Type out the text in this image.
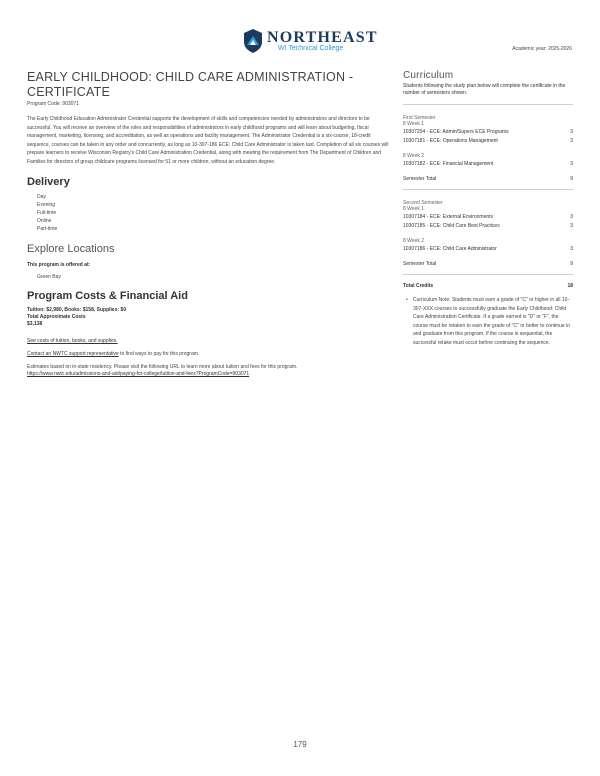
NORTHEAST
WI Technical College	Academic year: 2025-2026
EARLY CHILDHOOD: CHILD CARE ADMINISTRATION -
CERTIFICATE
Program Code: 903071

The Early Childhood Education Administrator Credential supports the development of skills and competencies needed by administrators and directors to be successful. You will receive an overview of the roles and responsibilities of administrators in early childhood programs and will learn about budgeting, fiscal management, marketing, licensing, and accreditation, as well as operations and facility management. The Administrator Credential is a six-course, 18-credit sequence, courses can be taken in any order and concurrently, as long as 10-307-186 ECE: Child Care Administrator is taken last. Completion of all six courses will prepare learners to receive Wisconsin Registry's Child Care Administration Credential, along with meeting the requirement from The Department of Children and Families for directors of group childcare programs licensed for 51 or more children, without an education degree.

Delivery
Day
Evening
Full-time
Online
Part-time
Explore Locations
This program is offered at:
Green Bay
Program Costs & Financial Aid
Tuition: $2,980, Books: $158, Supplies: $0
Total Approximate Costs
$3,138
See costs of tuition, books, and supplies.
Contact an NWTC support representative to find ways to pay for this program.
Estimates based on in-state residency. Please visit the following URL to learn more about tuition and fees for this program.
https://www.nwtc.edu/admissions-and-aid/paying-for-college/tuition-and-fees?ProgramCode=903071
Curriculum
Students following the study plan below will complete the certificate in the number of semesters shown.
First Semester
8 Week 1
10307204 - ECE: Admin/Supers ECE Programs	3
10307181 - ECE: Operations Management	3
8 Week 2
10307182 - ECE: Financial Management	3
Semester Total	9
Second Semester
8 Week 1
10307184 - ECE: External Environments	3
10307185 - ECE: Child Care Best Practices	3
8 Week 2
10307186 - ECE: Child Care Administrator	3
Semester Total	9
Total Credits	18
• Curriculum Note: Students must earn a grade of "C" or higher in all 10-307-XXX courses to successfully graduate the Early Childhood: Child Care Administration Certificate. If a grade earned is "D" or "F", the course must be retaken to earn the grade of "C" or better to continue in and graduate from this program. If the course is sequential, the successful retake must occur before continuing the sequence.
179
